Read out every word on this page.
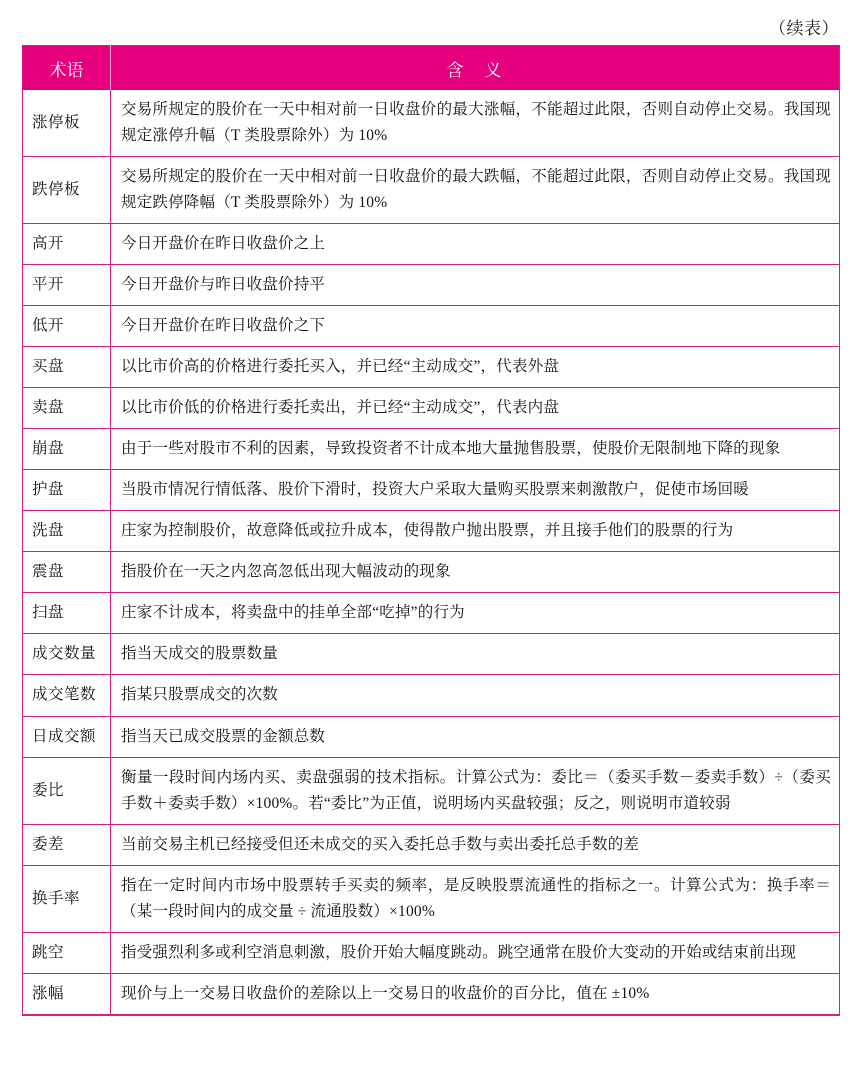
（续表）
术语	含　义
涨停板	交易所规定的股价在一天中相对前一日收盘价的最大涨幅，不能超过此限，否则自动停止交易。我国现规定涨停升幅（T 类股票除外）为 10%
跌停板	交易所规定的股价在一天中相对前一日收盘价的最大跌幅，不能超过此限，否则自动停止交易。我国现规定跌停降幅（T 类股票除外）为 10%
高开	今日开盘价在昨日收盘价之上
平开	今日开盘价与昨日收盘价持平
低开	今日开盘价在昨日收盘价之下
买盘	以比市价高的价格进行委托买入，并已经“主动成交”，代表外盘
卖盘	以比市价低的价格进行委托卖出，并已经“主动成交”，代表内盘
崩盘	由于一些对股市不利的因素，导致投资者不计成本地大量抛售股票，使股价无限制地下降的现象
护盘	当股市情况行情低落、股价下滑时，投资大户采取大量购买股票来刺激散户，促使市场回暖
洗盘	庄家为控制股价，故意降低或拉升成本，使得散户抛出股票，并且接手他们的股票的行为
震盘	指股价在一天之内忽高忽低出现大幅波动的现象
扫盘	庄家不计成本，将卖盘中的挂单全部“吃掉”的行为
成交数量	指当天成交的股票数量
成交笔数	指某只股票成交的次数
日成交额	指当天已成交股票的金额总数
委比	衡量一段时间内场内买、卖盘强弱的技术指标。计算公式为：委比＝（委买手数－委卖手数）÷（委买手数＋委卖手数）×100%。若“委比”为正值，说明场内买盘较强；反之，则说明市道较弱
委差	当前交易主机已经接受但还未成交的买入委托总手数与卖出委托总手数的差
换手率	指在一定时间内市场中股票转手买卖的频率，是反映股票流通性的指标之一。计算公式为：换手率＝（某一段时间内的成交量 ÷ 流通股数）×100%
跳空	指受强烈利多或利空消息刺激，股价开始大幅度跳动。跳空通常在股价大变动的开始或结束前出现
涨幅	现价与上一交易日收盘价的差除以上一交易日的收盘价的百分比，值在 ±10%
